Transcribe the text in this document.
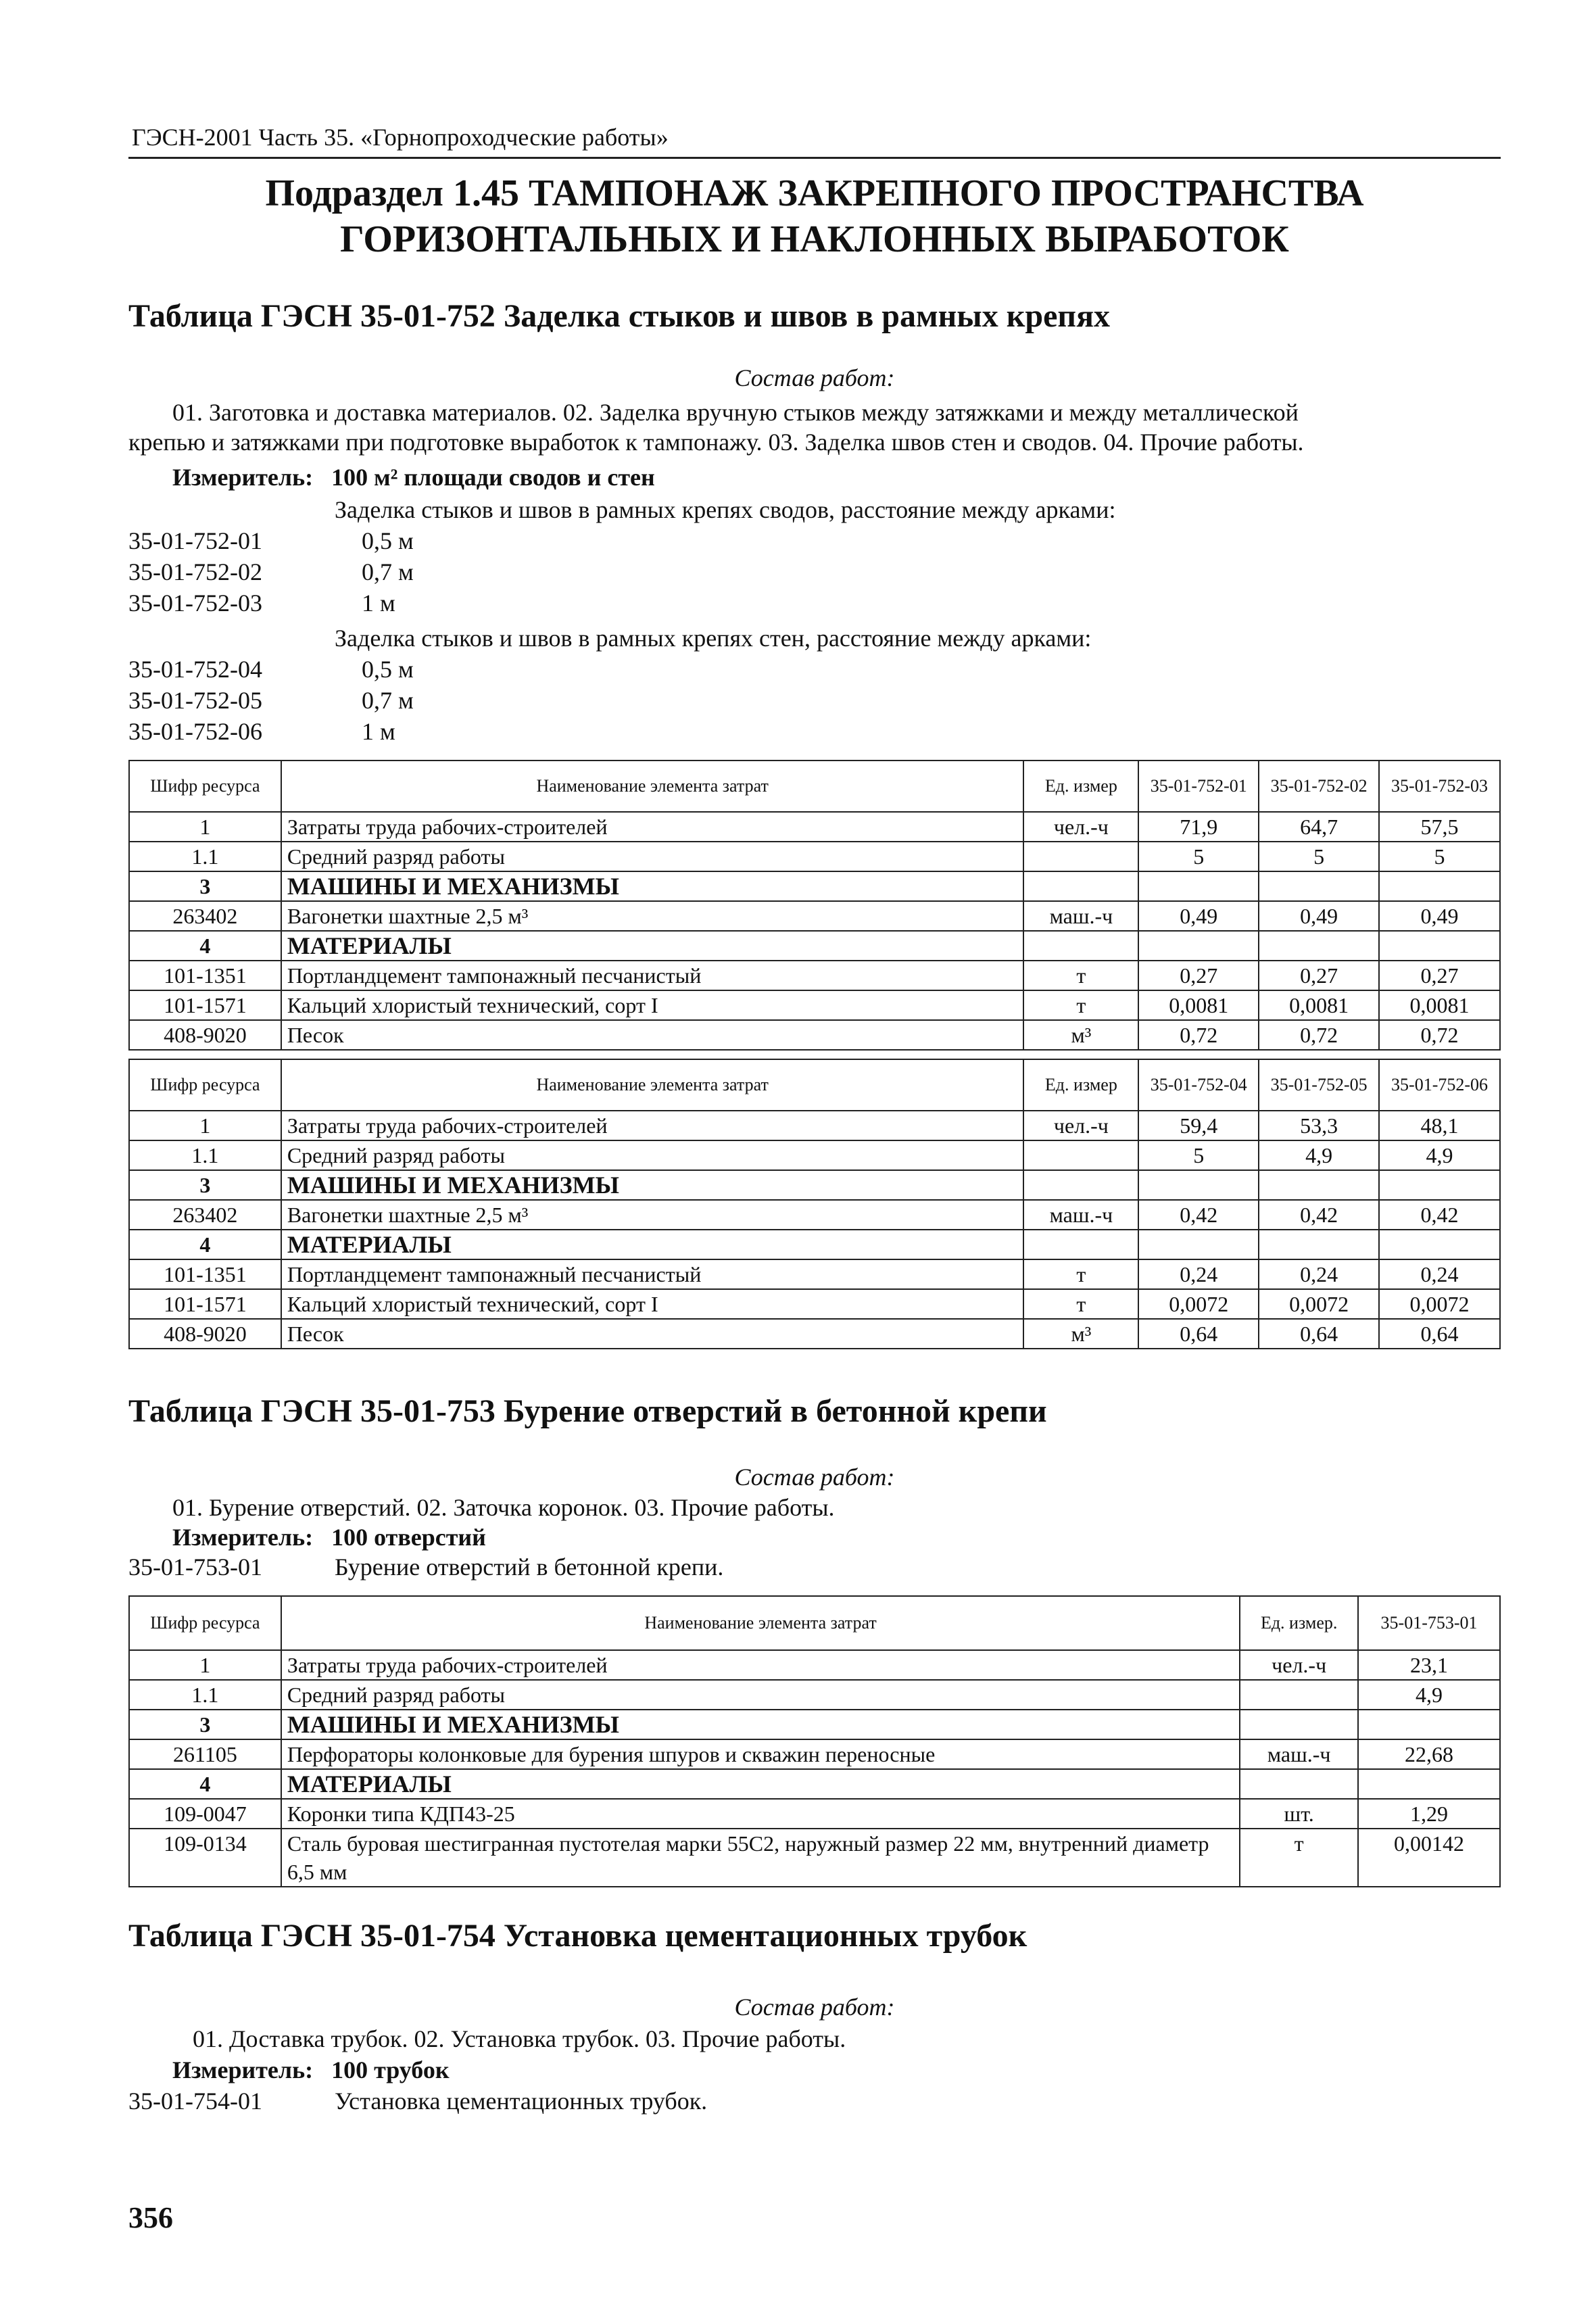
ГЭСН-2001 Часть 35. «Горнопроходческие работы»
Подраздел 1.45 ТАМПОНАЖ ЗАКРЕПНОГО ПРОСТРАНСТВА
ГОРИЗОНТАЛЬНЫХ И НАКЛОННЫХ ВЫРАБОТОК
Таблица ГЭСН 35-01-752 Заделка стыков и швов в рамных крепях
Состав работ:
01. Заготовка и доставка материалов. 02. Заделка вручную стыков между затяжками и между металлической
крепью и затяжками при подготовке выработок к тампонажу. 03. Заделка швов стен и сводов. 04. Прочие работы.
Измеритель: 100 м² площади сводов и стен
Заделка стыков и швов в рамных крепях сводов, расстояние между арками:
35-01-752-01	0,5 м
35-01-752-02	0,7 м
35-01-752-03	1 м
Заделка стыков и швов в рамных крепях стен, расстояние между арками:
35-01-752-04	0,5 м
35-01-752-05	0,7 м
35-01-752-06	1 м
Шифр ресурса	Наименование элемента затрат	Ед. измер	35-01-752-01	35-01-752-02	35-01-752-03
1	Затраты труда рабочих-строителей	чел.-ч	71,9	64,7	57,5
1.1	Средний разряд работы		5	5	5
3	МАШИНЫ И МЕХАНИЗМЫ				
263402	Вагонетки шахтные 2,5 м³	маш.-ч	0,49	0,49	0,49
4	МАТЕРИАЛЫ				
101-1351	Портландцемент тампонажный песчанистый	т	0,27	0,27	0,27
101-1571	Кальций хлористый технический, сорт I	т	0,0081	0,0081	0,0081
408-9020	Песок	м³	0,72	0,72	0,72
Шифр ресурса	Наименование элемента затрат	Ед. измер	35-01-752-04	35-01-752-05	35-01-752-06
1	Затраты труда рабочих-строителей	чел.-ч	59,4	53,3	48,1
1.1	Средний разряд работы		5	4,9	4,9
3	МАШИНЫ И МЕХАНИЗМЫ				
263402	Вагонетки шахтные 2,5 м³	маш.-ч	0,42	0,42	0,42
4	МАТЕРИАЛЫ				
101-1351	Портландцемент тампонажный песчанистый	т	0,24	0,24	0,24
101-1571	Кальций хлористый технический, сорт I	т	0,0072	0,0072	0,0072
408-9020	Песок	м³	0,64	0,64	0,64
Таблица ГЭСН 35-01-753 Бурение отверстий в бетонной крепи
Состав работ:
01. Бурение отверстий. 02. Заточка коронок. 03. Прочие работы.
Измеритель: 100 отверстий
35-01-753-01	Бурение отверстий в бетонной крепи.
Шифр ресурса	Наименование элемента затрат	Ед. измер.	35-01-753-01
1	Затраты труда рабочих-строителей	чел.-ч	23,1
1.1	Средний разряд работы		4,9
3	МАШИНЫ И МЕХАНИЗМЫ		
261105	Перфораторы колонковые для бурения шпуров и скважин переносные	маш.-ч	22,68
4	МАТЕРИАЛЫ		
109-0047	Коронки типа КДП43-25	шт.	1,29
109-0134	Сталь буровая шестигранная пустотелая марки 55С2, наружный размер 22 мм, внутренний диаметр 6,5 мм	т	0,00142
Таблица ГЭСН 35-01-754 Установка цементационных трубок
Состав работ:
01. Доставка трубок. 02. Установка трубок. 03. Прочие работы.
Измеритель: 100 трубок
35-01-754-01	Установка цементационных трубок.
356
